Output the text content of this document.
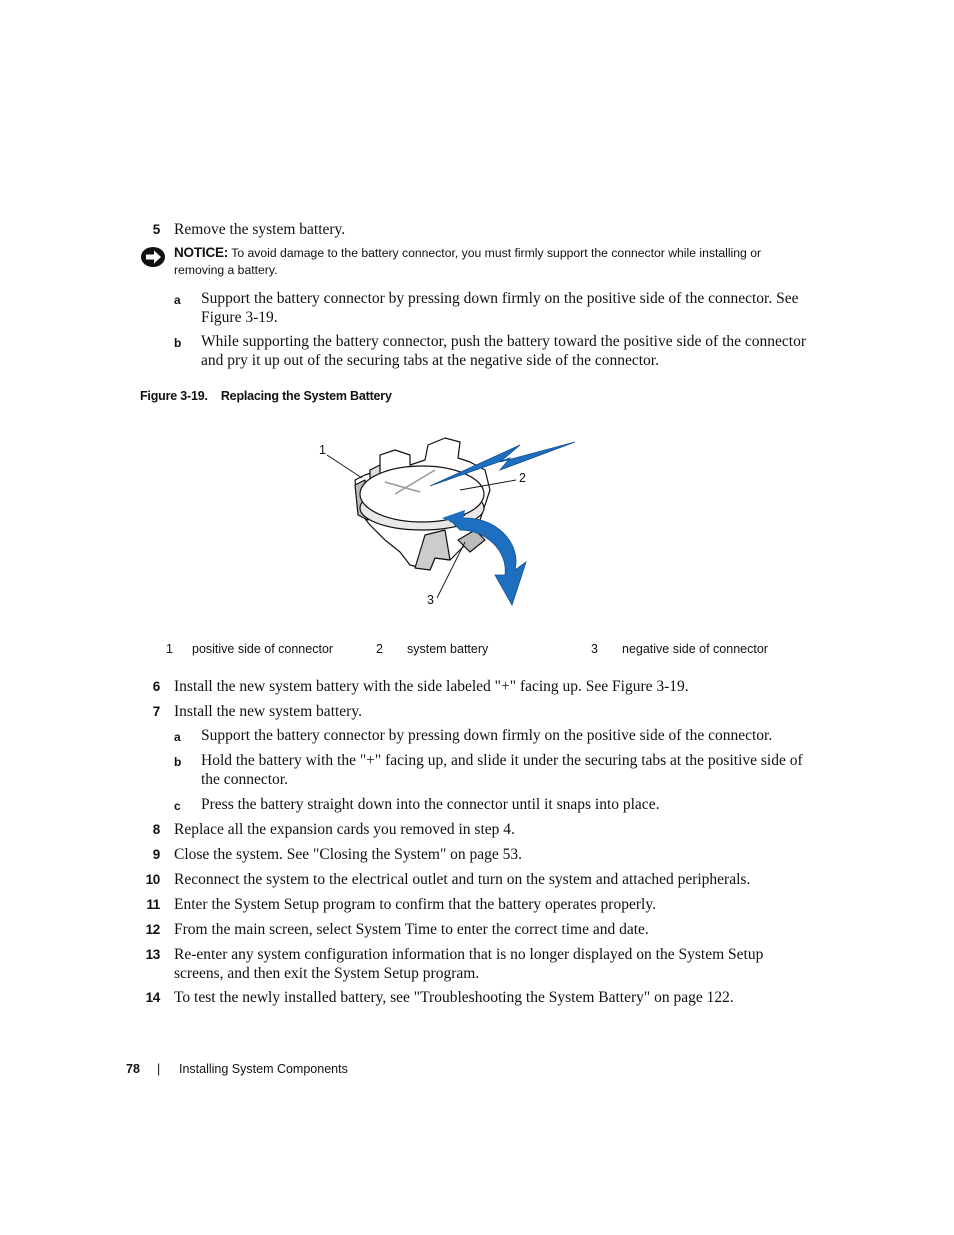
5 Remove the system battery.
NOTICE: To avoid damage to the battery connector, you must firmly support the connector while installing or removing a battery.
a Support the battery connector by pressing down firmly on the positive side of the connector. See Figure 3-19.
b While supporting the battery connector, push the battery toward the positive side of the connector and pry it up out of the securing tabs at the negative side of the connector.
Figure 3-19. Replacing the System Battery
1
2
3
1 positive side of connector	2 system battery	3 negative side of connector
6 Install the new system battery with the side labeled "+" facing up. See Figure 3-19.
7 Install the new system battery.
a Support the battery connector by pressing down firmly on the positive side of the connector.
b Hold the battery with the "+" facing up, and slide it under the securing tabs at the positive side of the connector.
c Press the battery straight down into the connector until it snaps into place.
8 Replace all the expansion cards you removed in step 4.
9 Close the system. See "Closing the System" on page 53.
10 Reconnect the system to the electrical outlet and turn on the system and attached peripherals.
11 Enter the System Setup program to confirm that the battery operates properly.
12 From the main screen, select System Time to enter the correct time and date.
13 Re-enter any system configuration information that is no longer displayed on the System Setup screens, and then exit the System Setup program.
14 To test the newly installed battery, see "Troubleshooting the System Battery" on page 122.
78 | Installing System Components
